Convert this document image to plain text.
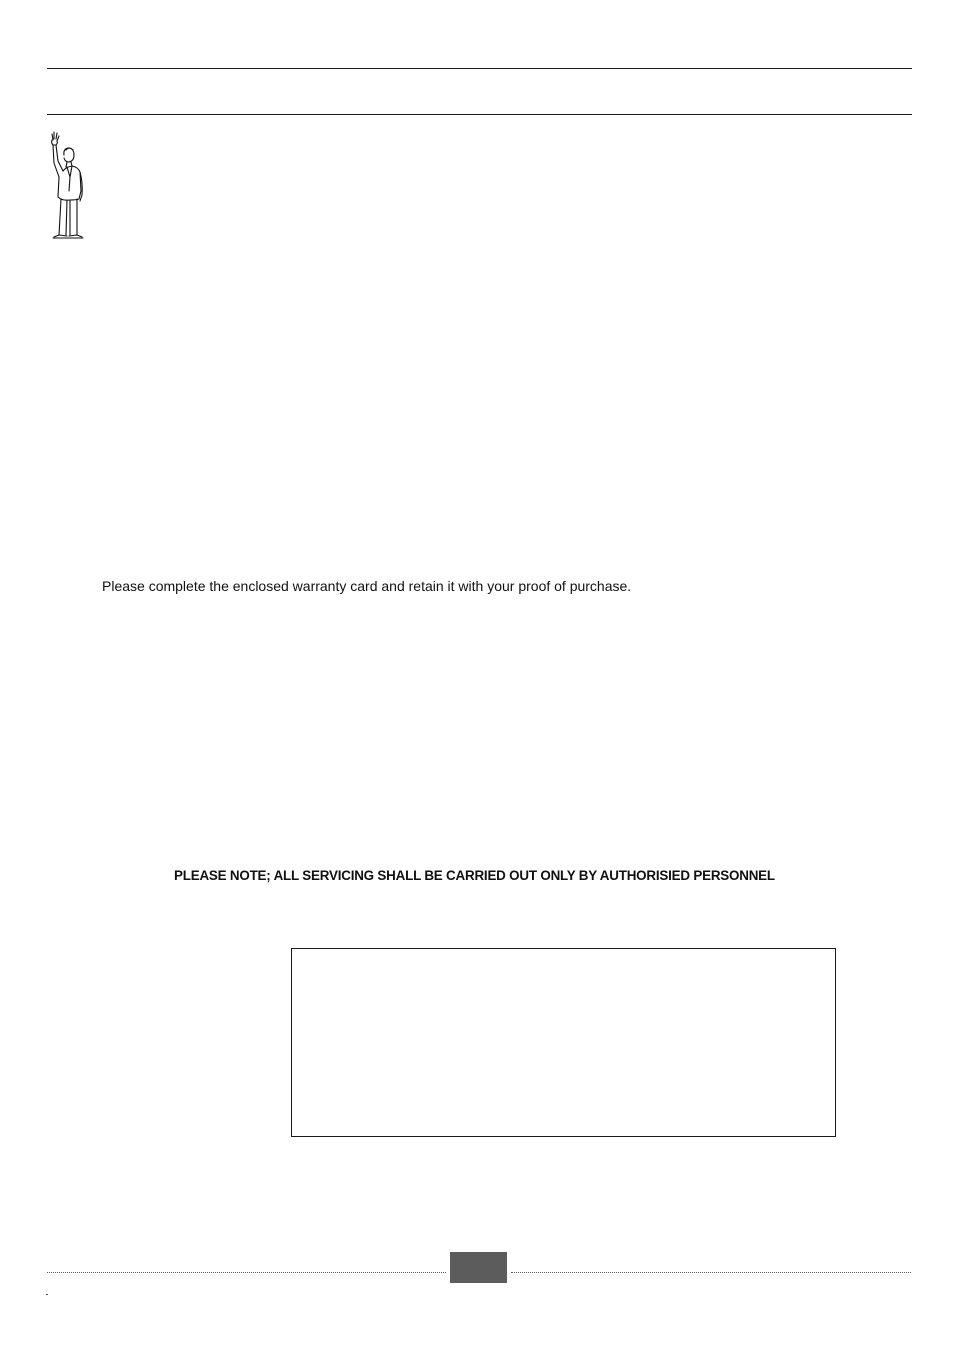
Please complete the enclosed warranty card and retain it with your proof of purchase.
PLEASE NOTE; ALL SERVICING SHALL BE CARRIED OUT ONLY BY AUTHORISIED PERSONNEL
